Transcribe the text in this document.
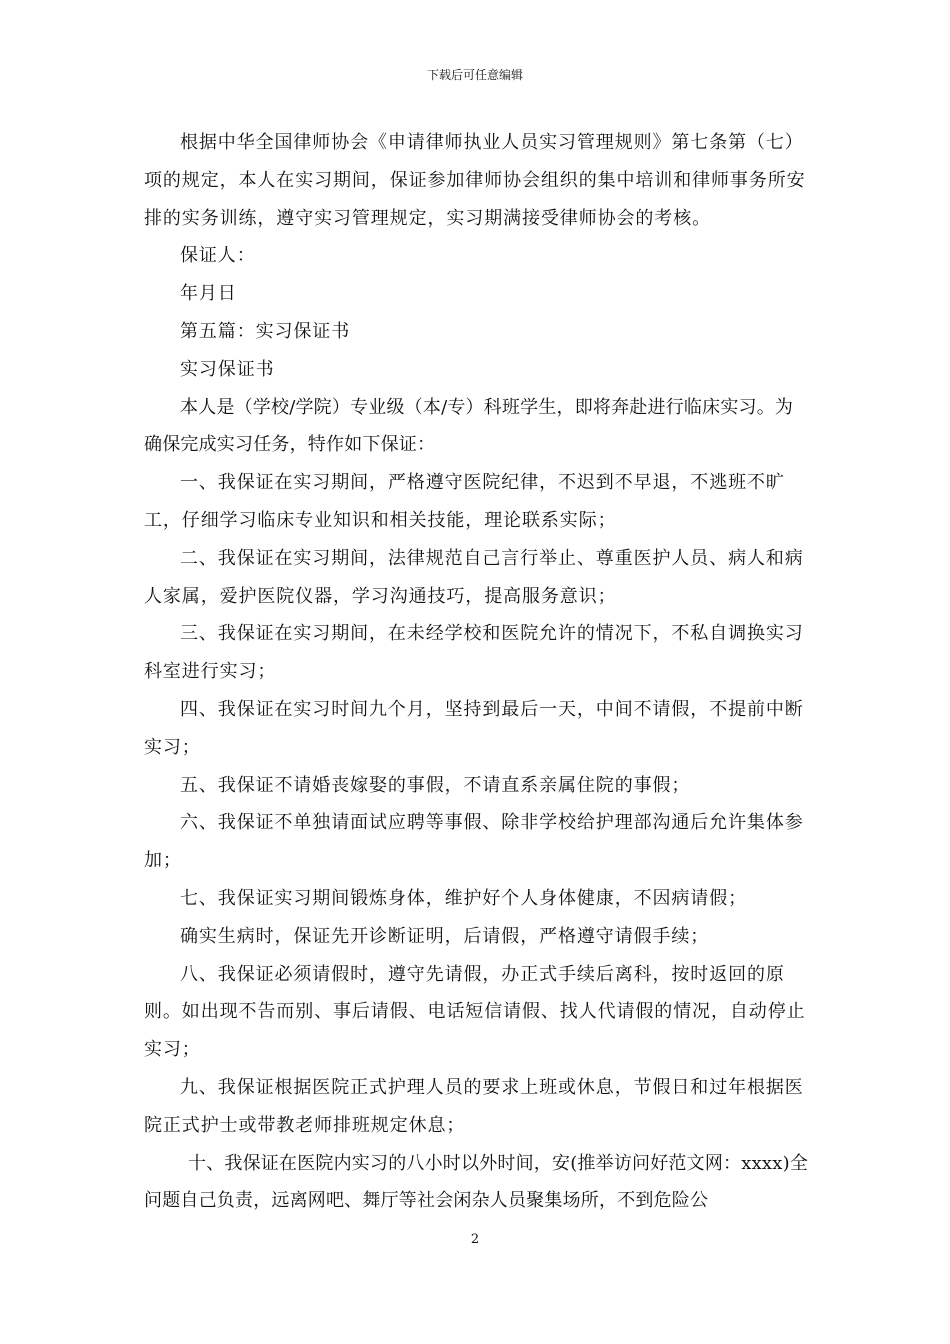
下载后可任意编辑

根据中华全国律师协会《申请律师执业人员实习管理规则》第七条第（七）项的规定，本人在实习期间，保证参加律师协会组织的集中培训和律师事务所安排的实务训练，遵守实习管理规定，实习期满接受律师协会的考核。

保证人：

年月日

第五篇：实习保证书

实习保证书

本人是（学校/学院）专业级（本/专）科班学生，即将奔赴进行临床实习。为确保完成实习任务，特作如下保证：

一、我保证在实习期间，严格遵守医院纪律，不迟到不早退，不逃班不旷工，仔细学习临床专业知识和相关技能，理论联系实际；

二、我保证在实习期间，法律规范自己言行举止、尊重医护人员、病人和病人家属，爱护医院仪器，学习沟通技巧，提高服务意识；

三、我保证在实习期间，在未经学校和医院允许的情况下，不私自调换实习科室进行实习；

四、我保证在实习时间九个月，坚持到最后一天，中间不请假，不提前中断实习；

五、我保证不请婚丧嫁娶的事假，不请直系亲属住院的事假；

六、我保证不单独请面试应聘等事假、除非学校给护理部沟通后允许集体参加；

七、我保证实习期间锻炼身体，维护好个人身体健康，不因病请假；

确实生病时，保证先开诊断证明，后请假，严格遵守请假手续；

八、我保证必须请假时，遵守先请假，办正式手续后离科，按时返回的原则。如出现不告而别、事后请假、电话短信请假、找人代请假的情况，自动停止实习；

九、我保证根据医院正式护理人员的要求上班或休息，节假日和过年根据医院正式护士或带教老师排班规定休息；

十、我保证在医院内实习的八小时以外时间，安(推举访问好范文网：xxxx)全问题自己负责，远离网吧、舞厅等社会闲杂人员聚集场所，不到危险公

2
